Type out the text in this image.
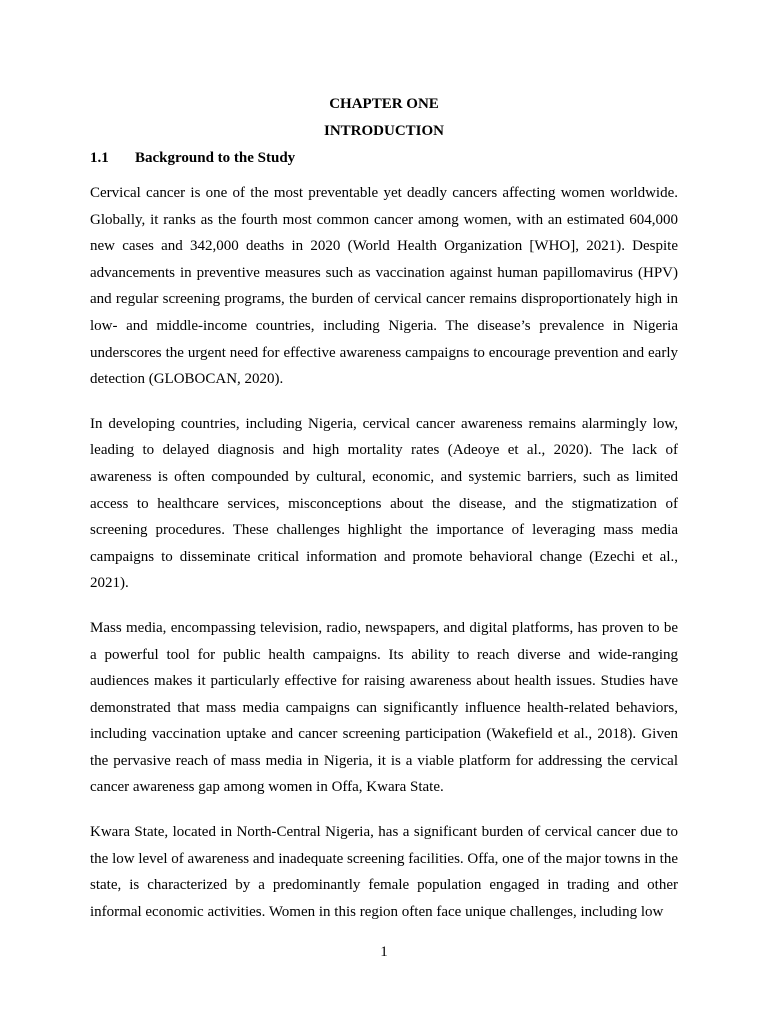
CHAPTER ONE

INTRODUCTION

1.1	Background to the Study

Cervical cancer is one of the most preventable yet deadly cancers affecting women worldwide. Globally, it ranks as the fourth most common cancer among women, with an estimated 604,000 new cases and 342,000 deaths in 2020 (World Health Organization [WHO], 2021). Despite advancements in preventive measures such as vaccination against human papillomavirus (HPV) and regular screening programs, the burden of cervical cancer remains disproportionately high in low- and middle-income countries, including Nigeria. The disease’s prevalence in Nigeria underscores the urgent need for effective awareness campaigns to encourage prevention and early detection (GLOBOCAN, 2020).

In developing countries, including Nigeria, cervical cancer awareness remains alarmingly low, leading to delayed diagnosis and high mortality rates (Adeoye et al., 2020). The lack of awareness is often compounded by cultural, economic, and systemic barriers, such as limited access to healthcare services, misconceptions about the disease, and the stigmatization of screening procedures. These challenges highlight the importance of leveraging mass media campaigns to disseminate critical information and promote behavioral change (Ezechi et al., 2021).

Mass media, encompassing television, radio, newspapers, and digital platforms, has proven to be a powerful tool for public health campaigns. Its ability to reach diverse and wide-ranging audiences makes it particularly effective for raising awareness about health issues. Studies have demonstrated that mass media campaigns can significantly influence health-related behaviors, including vaccination uptake and cancer screening participation (Wakefield et al., 2018). Given the pervasive reach of mass media in Nigeria, it is a viable platform for addressing the cervical cancer awareness gap among women in Offa, Kwara State.

Kwara State, located in North-Central Nigeria, has a significant burden of cervical cancer due to the low level of awareness and inadequate screening facilities. Offa, one of the major towns in the state, is characterized by a predominantly female population engaged in trading and other informal economic activities. Women in this region often face unique challenges, including low

1
